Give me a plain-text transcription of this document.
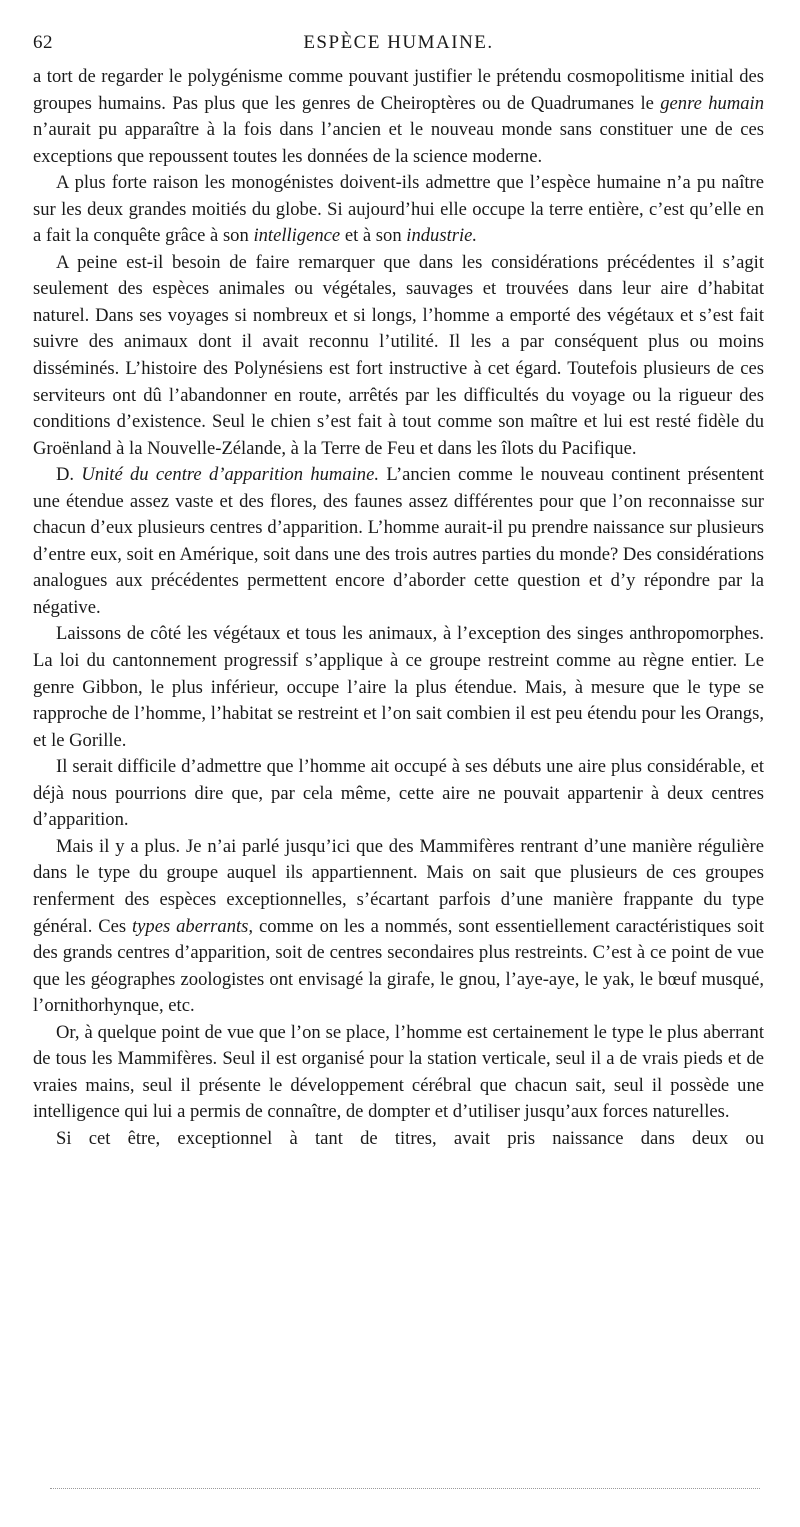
62	ESPÈCE HUMAINE.

a tort de regarder le polygénisme comme pouvant justifier le prétendu cosmopolitisme initial des groupes humains. Pas plus que les genres de Cheiroptères ou de Quadrumanes le genre humain n’aurait pu apparaître à la fois dans l’ancien et le nouveau monde sans constituer une de ces exceptions que repoussent toutes les données de la science moderne.

A plus forte raison les monogénistes doivent-ils admettre que l’espèce humaine n’a pu naître sur les deux grandes moitiés du globe. Si aujourd’hui elle occupe la terre entière, c’est qu’elle en a fait la conquête grâce à son intelligence et à son industrie.

A peine est-il besoin de faire remarquer que dans les considérations précédentes il s’agit seulement des espèces animales ou végétales, sauvages et trouvées dans leur aire d’habitat naturel. Dans ses voyages si nombreux et si longs, l’homme a emporté des végétaux et s’est fait suivre des animaux dont il avait reconnu l’utilité. Il les a par conséquent plus ou moins disséminés. L’histoire des Polynésiens est fort instructive à cet égard. Toutefois plusieurs de ces serviteurs ont dû l’abandonner en route, arrêtés par les difficultés du voyage ou la rigueur des conditions d’existence. Seul le chien s’est fait à tout comme son maître et lui est resté fidèle du Groënland à la Nouvelle-Zélande, à la Terre de Feu et dans les îlots du Pacifique.

D. Unité du centre d’apparition humaine. L’ancien comme le nouveau continent présentent une étendue assez vaste et des flores, des faunes assez différentes pour que l’on reconnaisse sur chacun d’eux plusieurs centres d’apparition. L’homme aurait-il pu prendre naissance sur plusieurs d’entre eux, soit en Amérique, soit dans une des trois autres parties du monde? Des considérations analogues aux précédentes permettent encore d’aborder cette question et d’y répondre par la négative.

Laissons de côté les végétaux et tous les animaux, à l’exception des singes anthropomorphes. La loi du cantonnement progressif s’applique à ce groupe restreint comme au règne entier. Le genre Gibbon, le plus inférieur, occupe l’aire la plus étendue. Mais, à mesure que le type se rapproche de l’homme, l’habitat se restreint et l’on sait combien il est peu étendu pour les Orangs, et le Gorille.

Il serait difficile d’admettre que l’homme ait occupé à ses débuts une aire plus considérable, et déjà nous pourrions dire que, par cela même, cette aire ne pouvait appartenir à deux centres d’apparition.

Mais il y a plus. Je n’ai parlé jusqu’ici que des Mammifères rentrant d’une manière régulière dans le type du groupe auquel ils appartiennent. Mais on sait que plusieurs de ces groupes renferment des espèces exceptionnelles, s’écartant parfois d’une manière frappante du type général. Ces types aberrants, comme on les a nommés, sont essentiellement caractéristiques soit des grands centres d’apparition, soit de centres secondaires plus restreints. C’est à ce point de vue que les géographes zoologistes ont envisagé la girafe, le gnou, l’aye-aye, le yak, le bœuf musqué, l’ornithorhynque, etc.

Or, à quelque point de vue que l’on se place, l’homme est certainement le type le plus aberrant de tous les Mammifères. Seul il est organisé pour la station verticale, seul il a de vrais pieds et de vraies mains, seul il présente le développement cérébral que chacun sait, seul il possède une intelligence qui lui a permis de connaître, de dompter et d’utiliser jusqu’aux forces naturelles.

Si cet être, exceptionnel à tant de titres, avait pris naissance dans deux ou
